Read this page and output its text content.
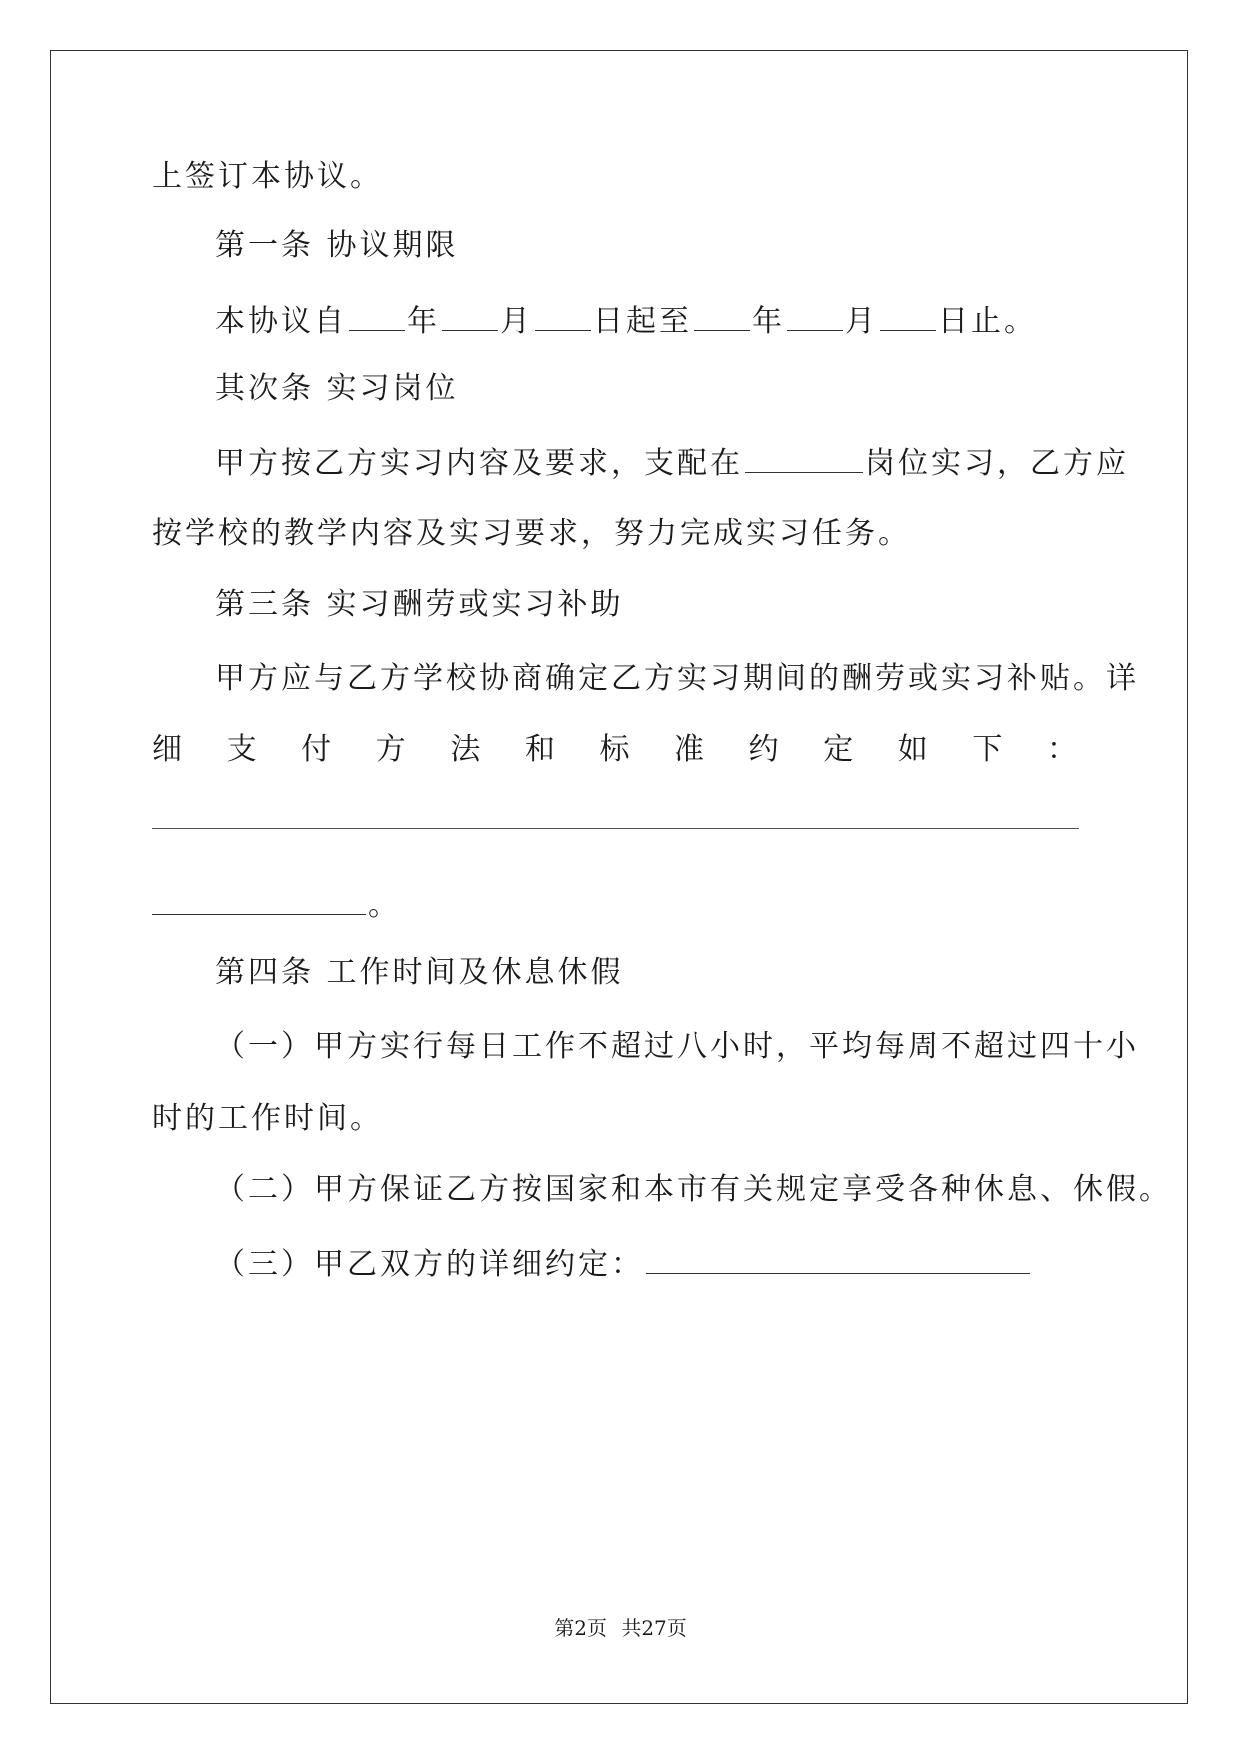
上签订本协议。
第一条 协议期限
本协议自 年 月 日起至 年 月 日止。
其次条 实习岗位
甲方按乙方实习内容及要求，支配在	岗位实习，乙方应
按学校的教学内容及实习要求，努力完成实习任务。
第三条 实习酬劳或实习补助
甲方应与乙方学校协商确定乙方实习期间的酬劳或实习补贴。详
细 支 付 方 法 和 标 准 约 定 如 下 ：
。
第四条 工作时间及休息休假
（一）甲方实行每日工作不超过八小时，平均每周不超过四十小
时的工作时间。
（二）甲方保证乙方按国家和本市有关规定享受各种休息、休假。
（三）甲乙双方的详细约定：
第2页 共27页
